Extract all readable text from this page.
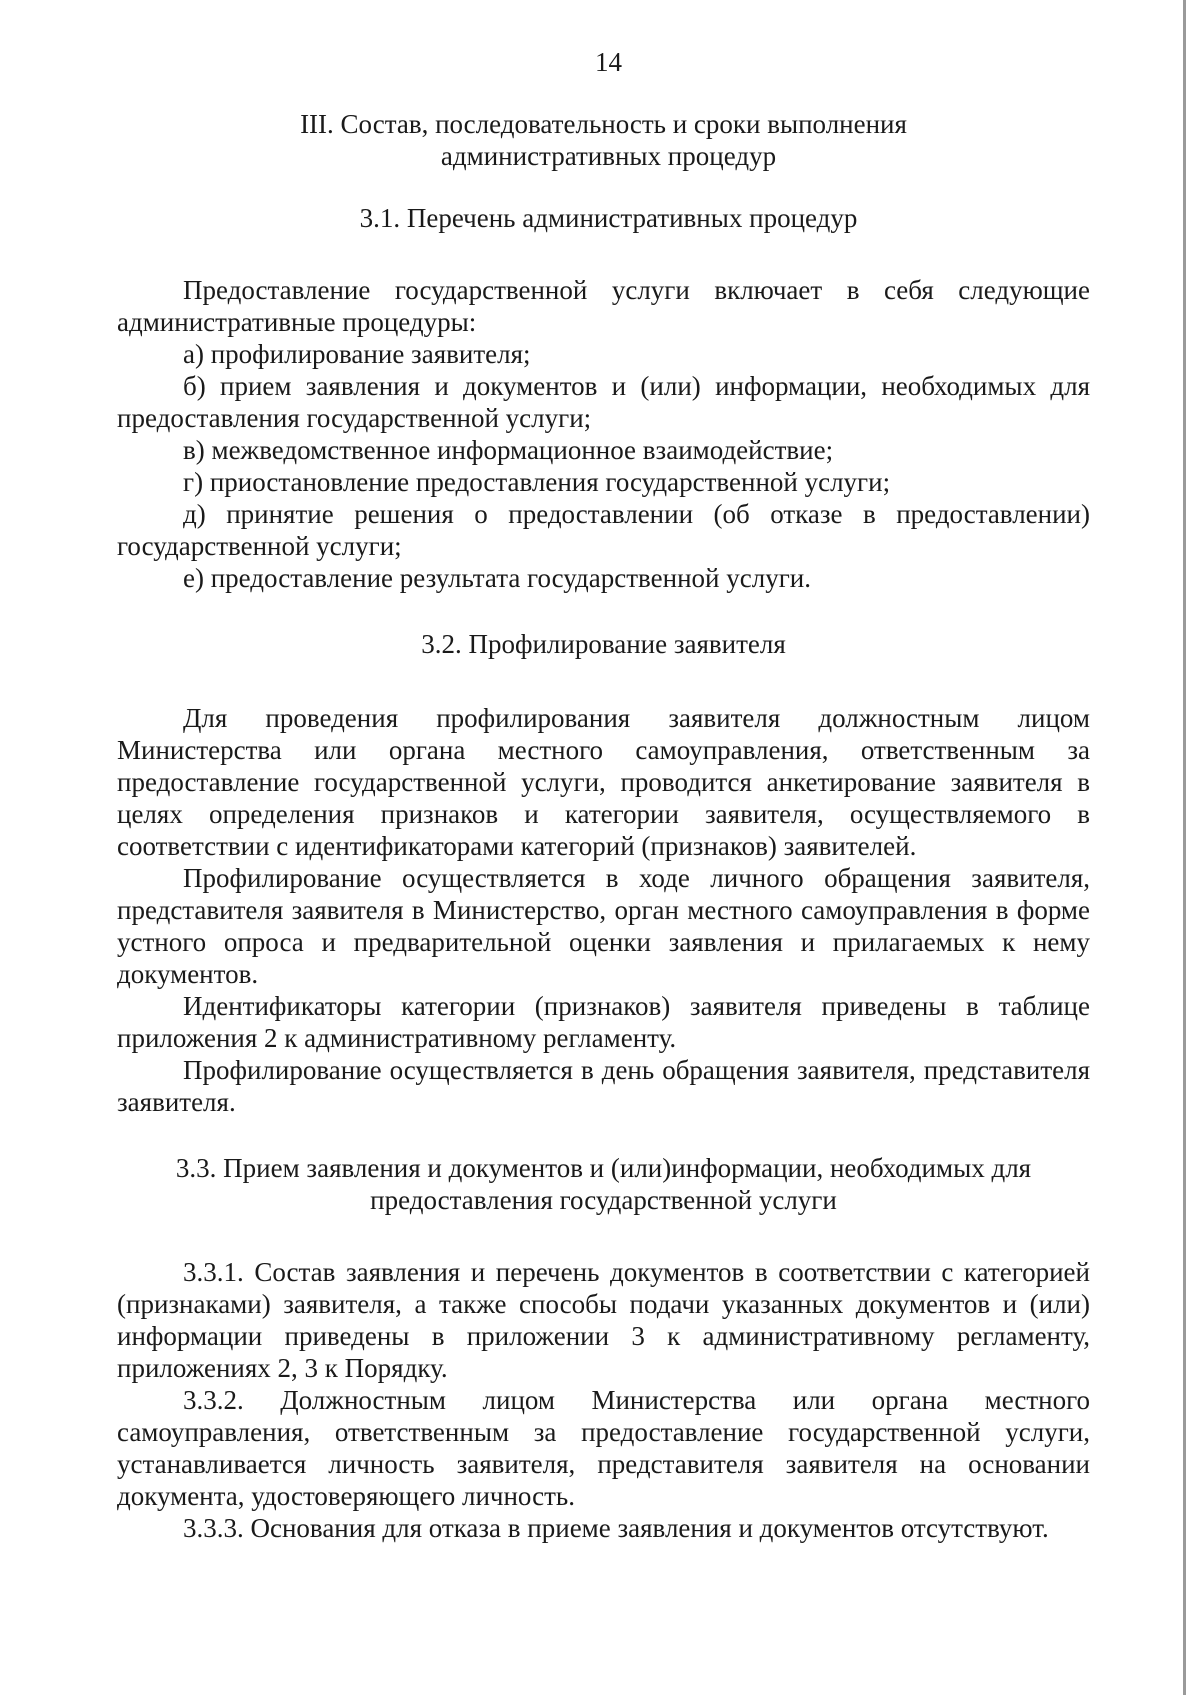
14
III. Состав, последовательность и сроки выполнения
административных процедур
3.1. Перечень административных процедур

Предоставление государственной услуги включает в себя следующие административные процедуры:

а) профилирование заявителя;

б) прием заявления и документов и (или) информации, необходимых для предоставления государственной услуги;

в) межведомственное информационное взаимодействие;

г) приостановление предоставления государственной услуги;

д) принятие решения о предоставлении (об отказе в предоставлении) государственной услуги;

е) предоставление результата государственной услуги.

3.2. Профилирование заявителя

Для проведения профилирования заявителя должностным лицом Министерства или органа местного самоуправления, ответственным за предоставление государственной услуги, проводится анкетирование заявителя в целях определения признаков и категории заявителя, осуществляемого в соответствии с идентификаторами категорий (признаков) заявителей.

Профилирование осуществляется в ходе личного обращения заявителя, представителя заявителя в Министерство, орган местного самоуправления в форме устного опроса и предварительной оценки заявления и прилагаемых к нему документов.

Идентификаторы категории (признаков) заявителя приведены в таблице приложения 2 к административному регламенту.

Профилирование осуществляется в день обращения заявителя, представителя заявителя.

3.3. Прием заявления и документов и (или)информации, необходимых для
предоставления государственной услуги

3.3.1. Состав заявления и перечень документов в соответствии с категорией (признаками) заявителя, а также способы подачи указанных документов и (или) информации приведены в приложении 3 к административному регламенту, приложениях 2, 3 к Порядку.

3.3.2. Должностным лицом Министерства или органа местного самоуправления, ответственным за предоставление государственной услуги, устанавливается личность заявителя, представителя заявителя на основании документа, удостоверяющего личность.

3.3.3. Основания для отказа в приеме заявления и документов отсутствуют.
